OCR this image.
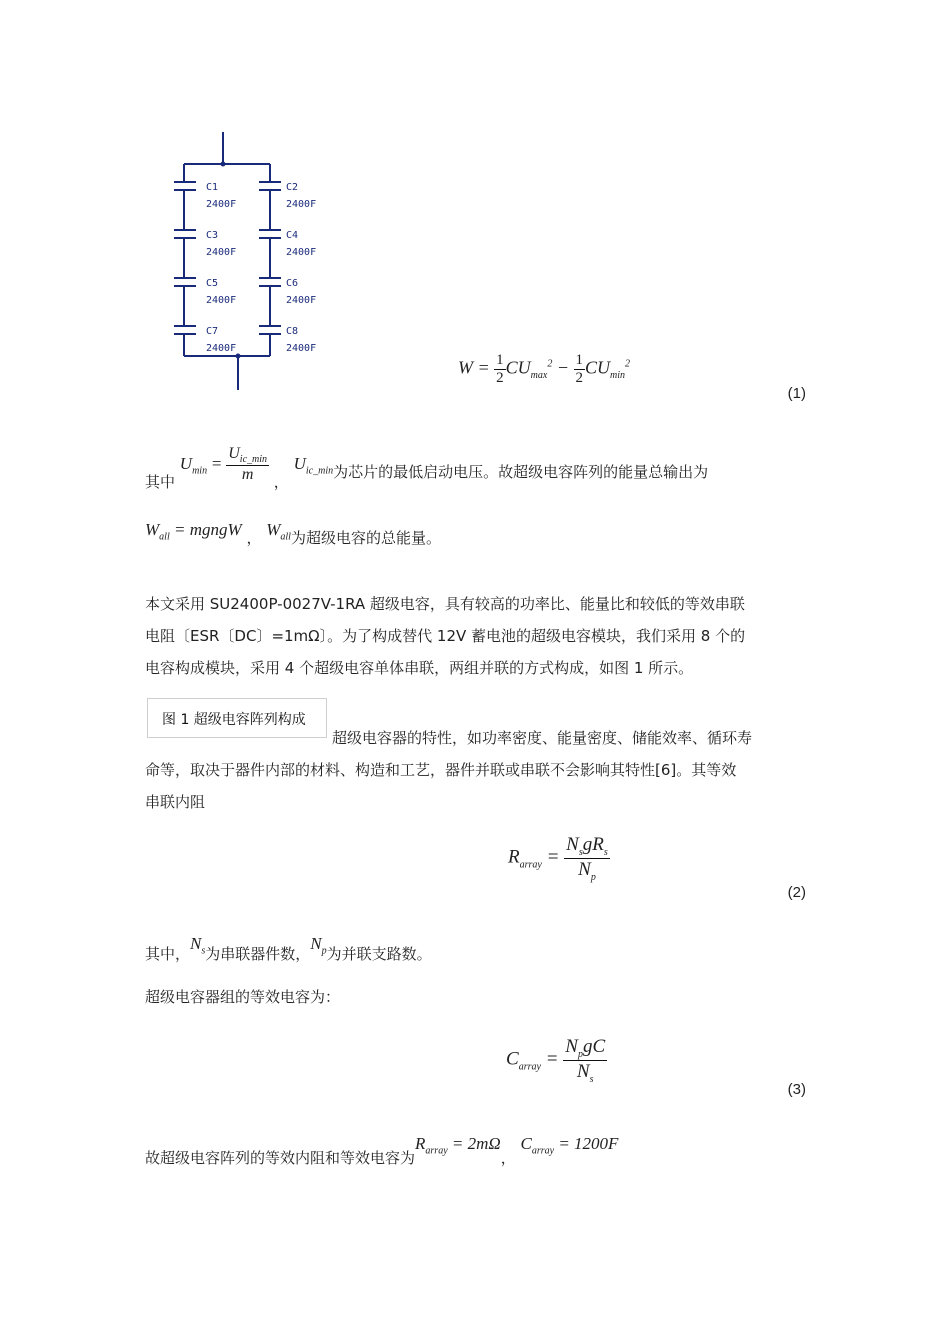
C1
2400F
C2
2400F
C3
2400F
C4
2400F
C5
2400F
C6
2400F
C7
2400F
C8
2400F
$W = \frac{1}{2} CU_{max}^2 - \frac{1}{2} CU_{min}^2$
(1)
其中 $U_{min} = \frac{U_{ic\_min}}{m}$ ， $U_{ic\_min}$为芯片的最低启动电压。故超级电容阵列的能量总输出为
$W_{all}$ = mgngW ， $W_{all}$为超级电容的总能量。
本文采用 SU2400P-0027V-1RA 超级电容，具有较高的功率比、能量比和较低的等效串联
电阻〔ESR〔DC〕=1mΩ〕。为了构成替代 12V 蓄电池的超级电容模块，我们采用 8 个的
电容构成模块，采用 4 个超级电容单体串联，两组并联的方式构成，如图 1 所示。
图 1 超级电容阵列构成
超级电容器的特性，如功率密度、能量密度、储能效率、循环寿
命等，取决于器件内部的材料、构造和工艺，器件并联或串联不会影响其特性[6]。其等效
串联内阻
$R_{array} = \frac{N_sgR_s}{N_p}$
(2)
其中，$N_s$为串联器件数，$N_p$为并联支路数。
超级电容器组的等效电容为：
$C_{array} = \frac{N_pgC}{N_s}$
(3)
故超级电容阵列的等效内阻和等效电容为$R_{array} = 2m\Omega$， $C_{array} = 1200F$
